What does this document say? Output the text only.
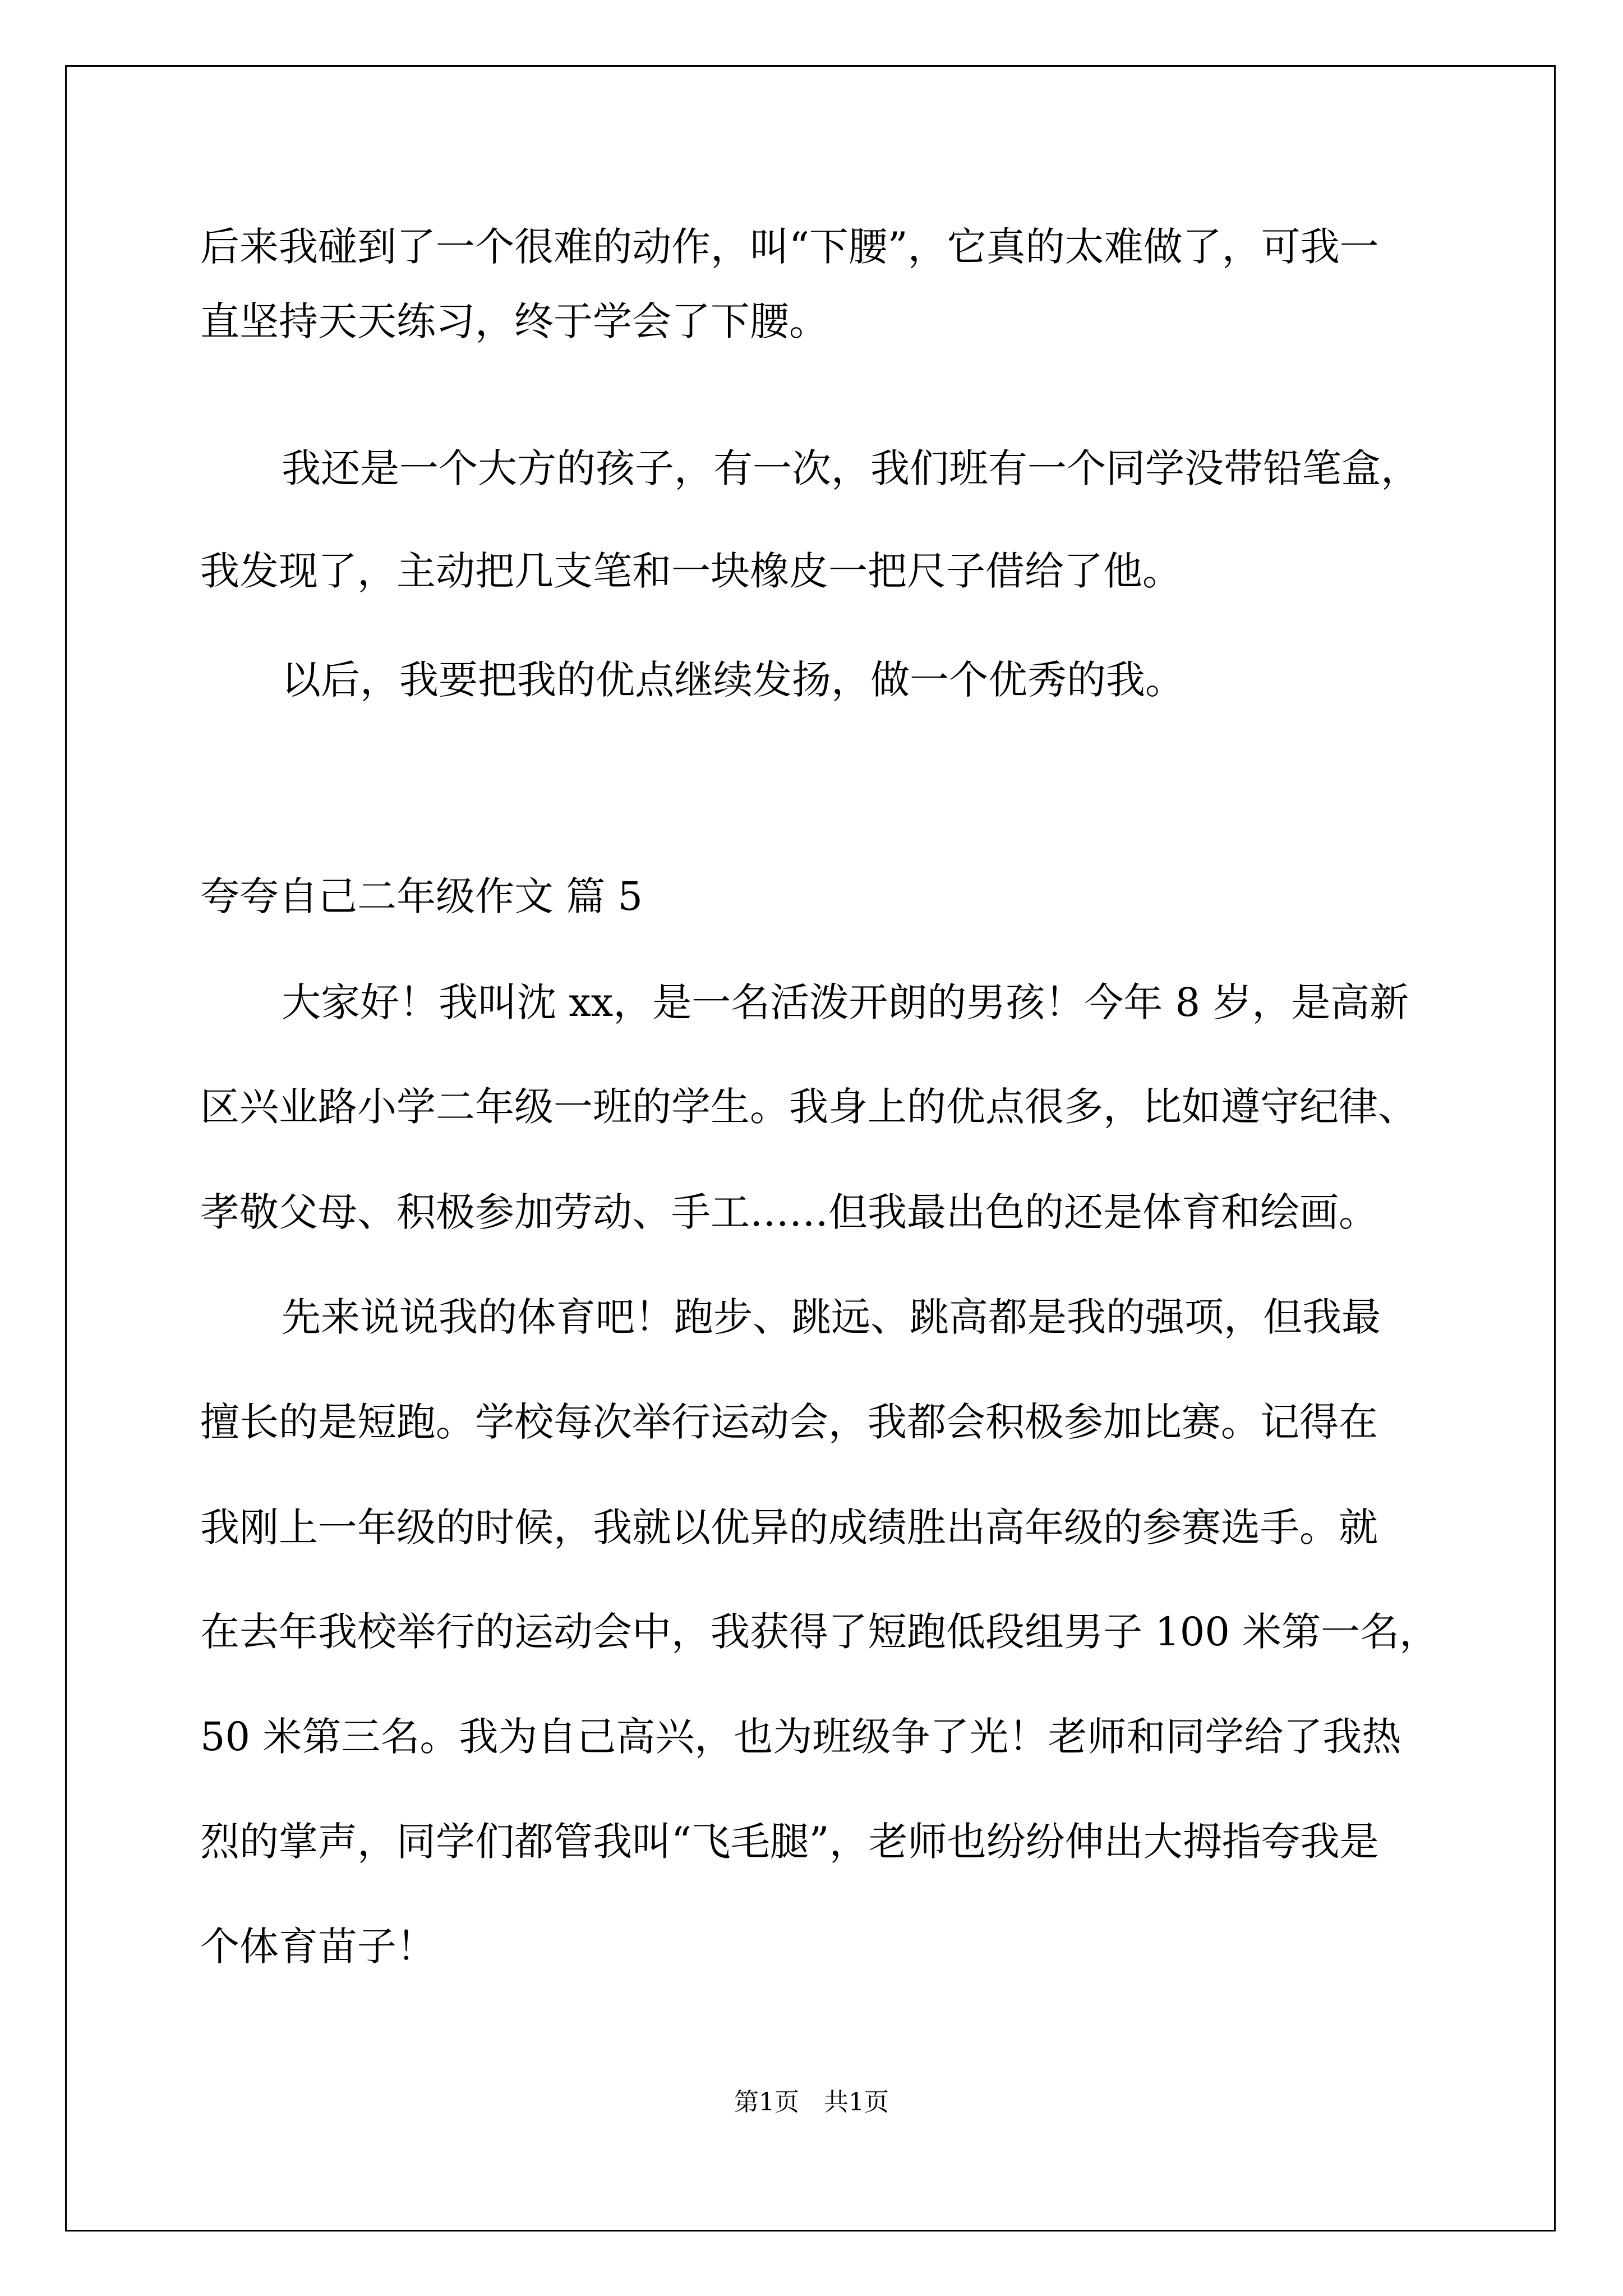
后来我碰到了一个很难的动作，叫“下腰”，它真的太难做了，可我一
直坚持天天练习，终于学会了下腰。
我还是一个大方的孩子，有一次，我们班有一个同学没带铅笔盒，
我发现了，主动把几支笔和一块橡皮一把尺子借给了他。
以后，我要把我的优点继续发扬，做一个优秀的我。
夸夸自己二年级作文 篇 5
大家好！我叫沈 xx，是一名活泼开朗的男孩！今年 8 岁，是高新
区兴业路小学二年级一班的学生。我身上的优点很多，比如遵守纪律、
孝敬父母、积极参加劳动、手工……但我最出色的还是体育和绘画。
先来说说我的体育吧！跑步、跳远、跳高都是我的强项，但我最
擅长的是短跑。学校每次举行运动会，我都会积极参加比赛。记得在
我刚上一年级的时候，我就以优异的成绩胜出高年级的参赛选手。就
在去年我校举行的运动会中，我获得了短跑低段组男子 100 米第一名，
50 米第三名。我为自己高兴，也为班级争了光！老师和同学给了我热
烈的掌声，同学们都管我叫“飞毛腿”，老师也纷纷伸出大拇指夸我是
个体育苗子！
第1页　共1页
